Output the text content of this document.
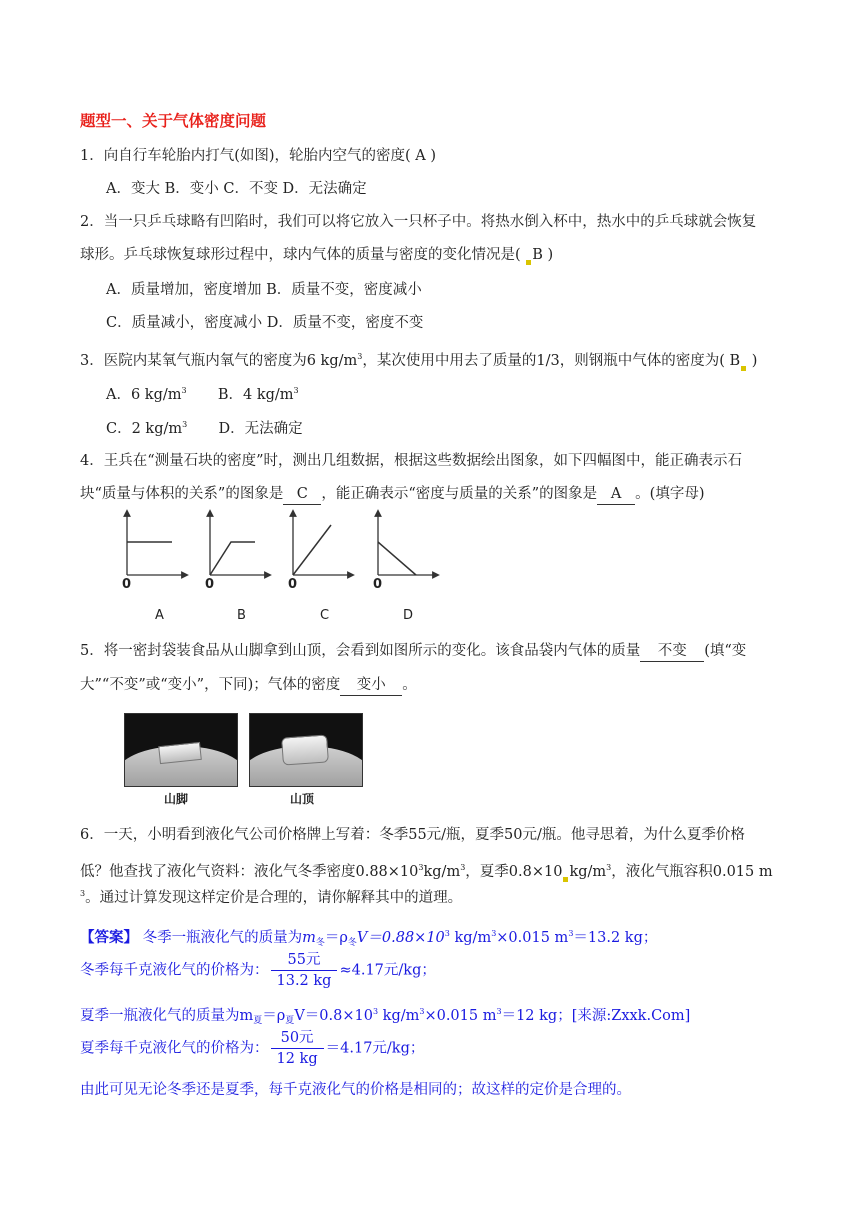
题型一、关于气体密度问题
1．向自行车轮胎内打气(如图)，轮胎内空气的密度( A )
A．变大 B．变小 C．不变 D．无法确定
2．当一只乒乓球略有凹陷时，我们可以将它放入一只杯子中。将热水倒入杯中，热水中的乒乓球就会恢复
球形。乒乓球恢复球形过程中，球内气体的质量与密度的变化情况是( B )
A．质量增加，密度增加 B．质量不变，密度减小
C．质量减小，密度减小 D．质量不变，密度不变
3．医院内某氧气瓶内氧气的密度为6 $kg/m^3$，某次使用中用去了质量的1/3，则钢瓶中气体的密度为( B )
A．6 $kg/m^3$ B．4 $kg/m^3$
C．2 $kg/m^3$ D．无法确定
4．王兵在“测量石块的密度”时，测出几组数据，根据这些数据绘出图象，如下四幅图中，能正确表示石
块“质量与体积的关系”的图象是 C ，能正确表示“密度与质量的关系”的图象是 A 。(填字母)
0	0	0	0
A	B	C	D
5．将一密封袋装食品从山脚拿到山顶，会看到如图所示的变化。该食品袋内气体的质量 不变 (填“变
大”“不变”或“变小”，下同)；气体的密度 变小 。
山脚	山顶
6．一天，小明看到液化气公司价格牌上写着：冬季55元/瓶，夏季50元/瓶。他寻思着，为什么夏季价格
低？他查找了液化气资料：液化气冬季密度$0.88\times 10^3kg/m^3$，夏季0.8×10 $kg/m^3$，液化气瓶容积0.015 m
$^3$。通过计算发现这样定价是合理的，请你解释其中的道理。
【答案】 冬季一瓶液化气的质量为$m_冬=\rho_冬V=0.88\times 10^3$ $kg/m^3\times 0.015$ $m^3=13.2$ kg；
冬季每千克液化气的价格为： $\frac{\text{55元}}{13.2 kg} \approx 4.17$元/kg；
夏季一瓶液化气的质量为$m_夏=\rho_夏V=0.8\times 10^3$ $kg/m^3\times 0.015$ $m^3=12$ kg；[来源:Zxxk.Com]
夏季每千克液化气的价格为： $\frac{\text{50元}}{12 kg} =4.17$元/kg；
由此可见无论冬季还是夏季，每千克液化气的价格是相同的；故这样的定价是合理的。
